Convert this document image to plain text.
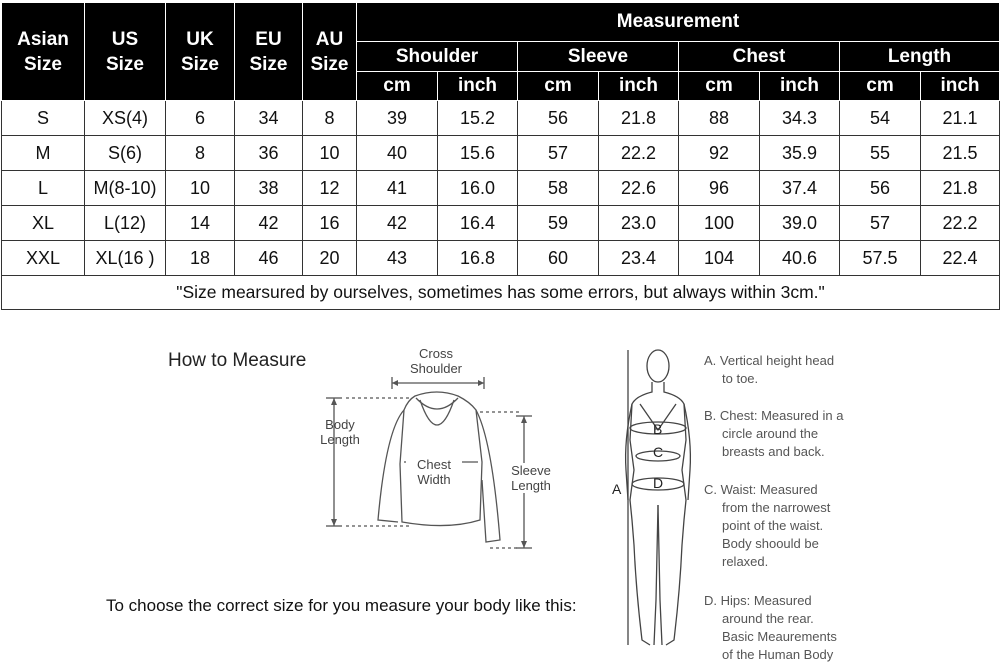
Asian
Size	US
Size	UK
Size	EU
Size	AU
Size	Measurement							
					Shoulder		Sleeve		Chest		Length	
					cm	inch	cm	inch	cm	inch	cm	inch
S	XS(4)	6	34	8	39	15.2	56	21.8	88	34.3	54	21.1
M	S(6)	8	36	10	40	15.6	57	22.2	92	35.9	55	21.5
L	M(8-10)	10	38	12	41	16.0	58	22.6	96	37.4	56	21.8
XL	L(12)	14	42	16	42	16.4	59	23.0	100	39.0	57	22.2
XXL	XL(16 )	18	46	20	43	16.8	60	23.4	104	40.6	57.5	22.4
"Size mearsured by ourselves, sometimes has some errors, but always within 3cm."												
How to Measure	Cross
Shoulder
Body
Length
Chest
Width
Sleeve
Length	A
B
C
D
A. Vertical height head
to toe.
B. Chest: Measured in a
circle around the
breasts and back.
C. Waist: Measured
from the narrowest
point of the waist.
Body shoould be
relaxed.
D. Hips: Measured
around the rear.
Basic Meaurements
of the Human Body
To choose the correct size for you measure your body like this:
